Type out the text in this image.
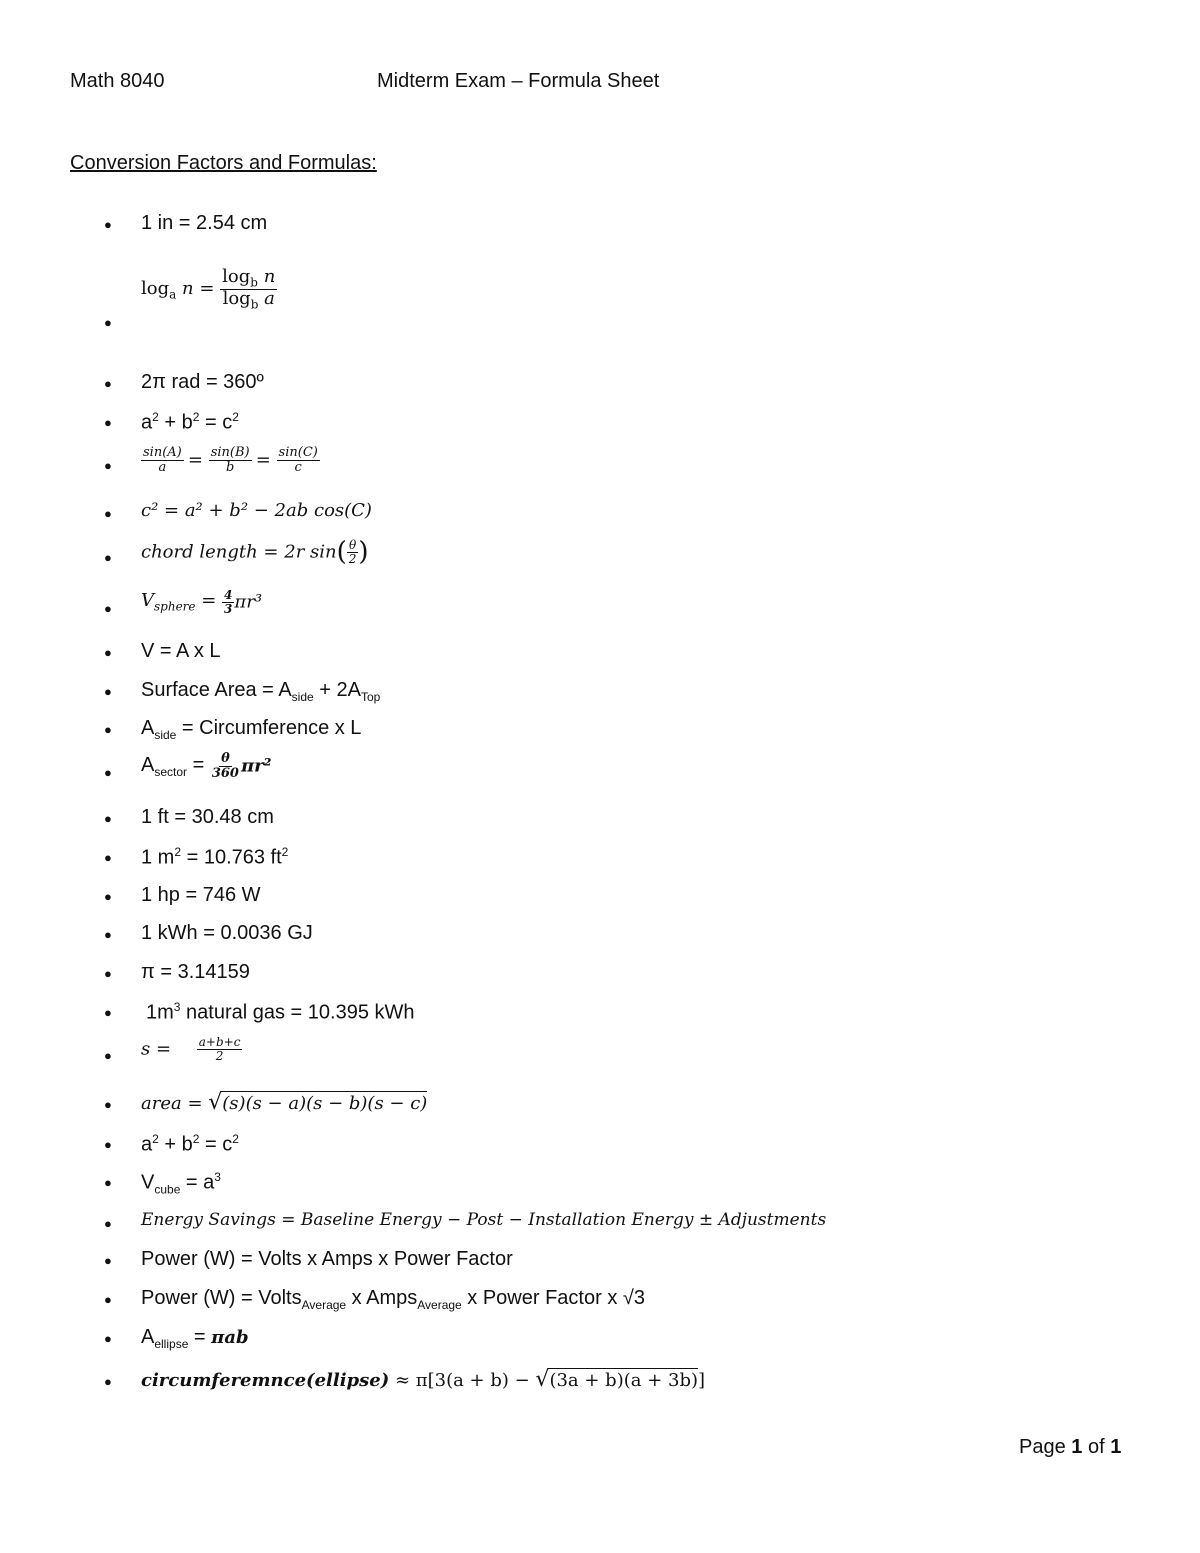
Math 8040	Midterm Exam – Formula Sheet
Conversion Factors and Formulas:
● 1 in = 2.54 cm
●
$\log_a n = \frac{\log_b n}{\log_b a}$
● 2π rad = 360º
● $a^2 + b^2 = c^2$
● $\frac{\sin(A)}{a} = \frac{\sin(B)}{b} = \frac{\sin(C)}{c}$
● c² = a² + b² − 2ab cos(C)
● chord length = 2r $\sin( \frac{\theta}{2}$ )
● $V_{sphere} = \frac{4}{3} \pi r^3$
● V = A x L
● Surface Area = $A_{side} + 2A_{Top}$
● $A_{side}$ = Circumference x L
● $A_{sector} = \frac{\theta}{360} \pi r^2$
● 1 ft = 30.48 cm
● 1 $m^2 = 10.763$ $ft^2$
● 1 hp = 746 W
● 1 kWh = 0.0036 GJ
● π = 3.14159
● $1m^3$ natural gas = 10.395 kWh
● $s = \frac{a+b+c}{2}$
● area = √(s)(s − a)(s − b)(s − c)
● $a^2 + b^2 = c^2$
● $V_{cube} = a^3$
● Energy Savings = Baseline Energy − Post − Installation Energy ± Adjustments
● Power (W) = Volts x Amps x Power Factor
● Power (W) = Volts$_{Average}$ x Amps$_{Average}$ x Power Factor x √3
● $A_{ellipse} = \pi ab$
● circumferemnce(ellipse) ≈ π[3(a + b) − √(3a + b)(a + 3b)]
Page 1 of 1
